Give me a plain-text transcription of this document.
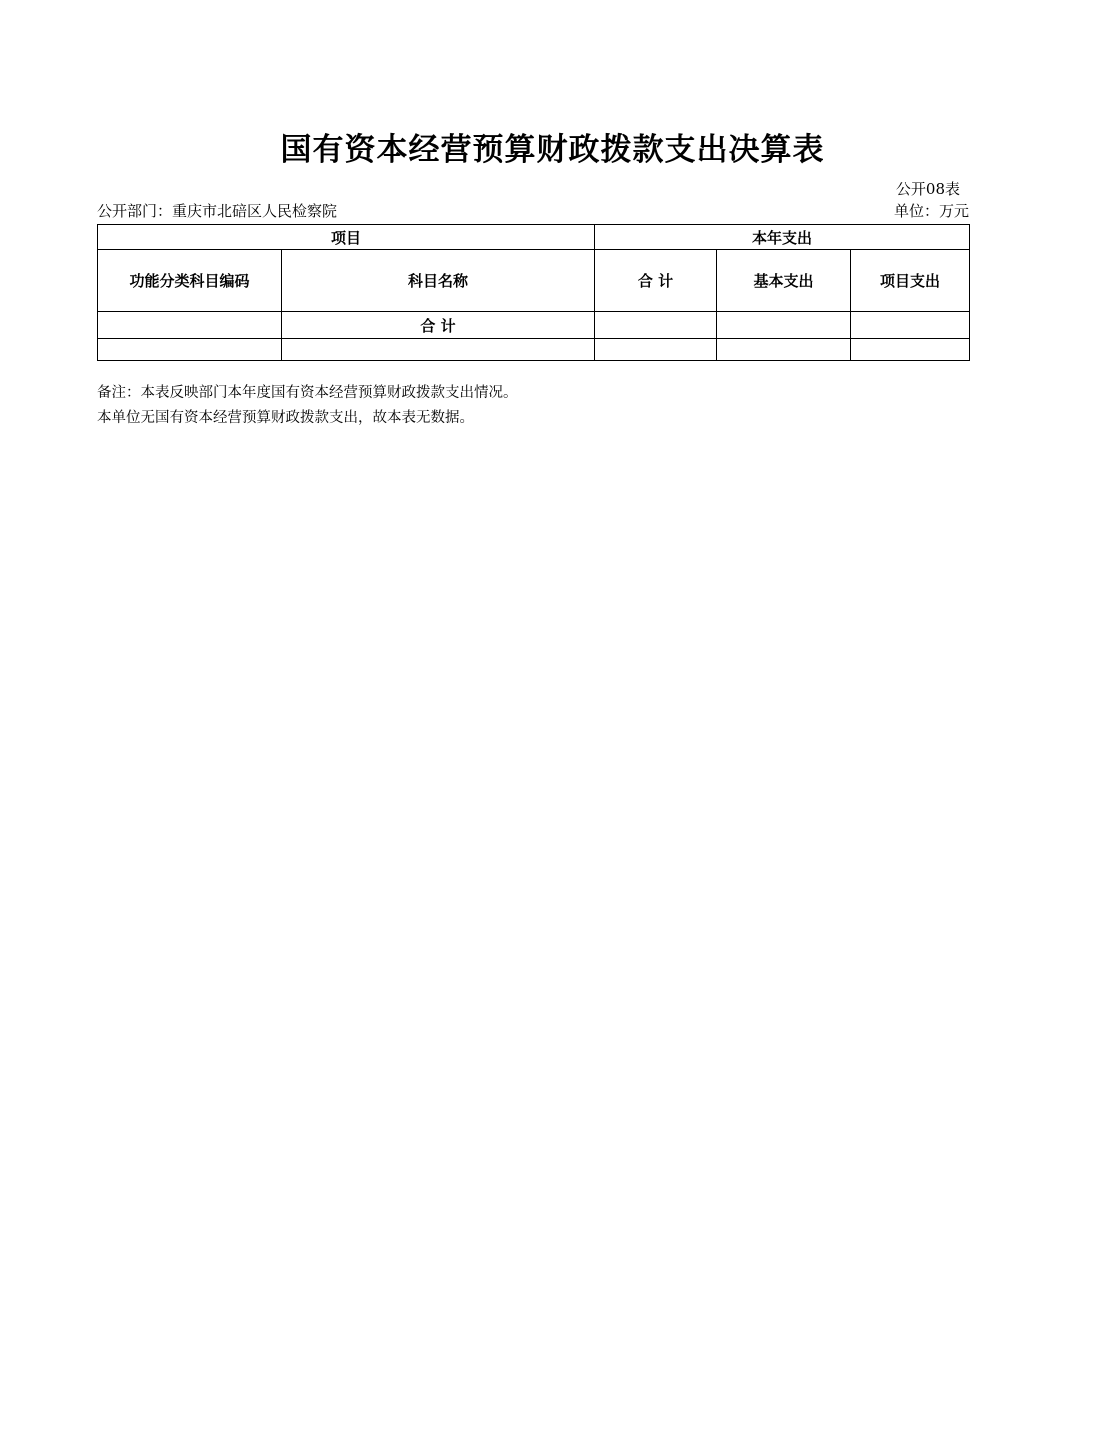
国有资本经营预算财政拨款支出决算表
公开08表
公开部门：重庆市北碚区人民检察院	单位：万元
项目		本年支出		
功能分类科目编码	科目名称	合 计	基本支出	项目支出
	合 计			

备注：本表反映部门本年度国有资本经营预算财政拨款支出情况。
本单位无国有资本经营预算财政拨款支出，故本表无数据。
